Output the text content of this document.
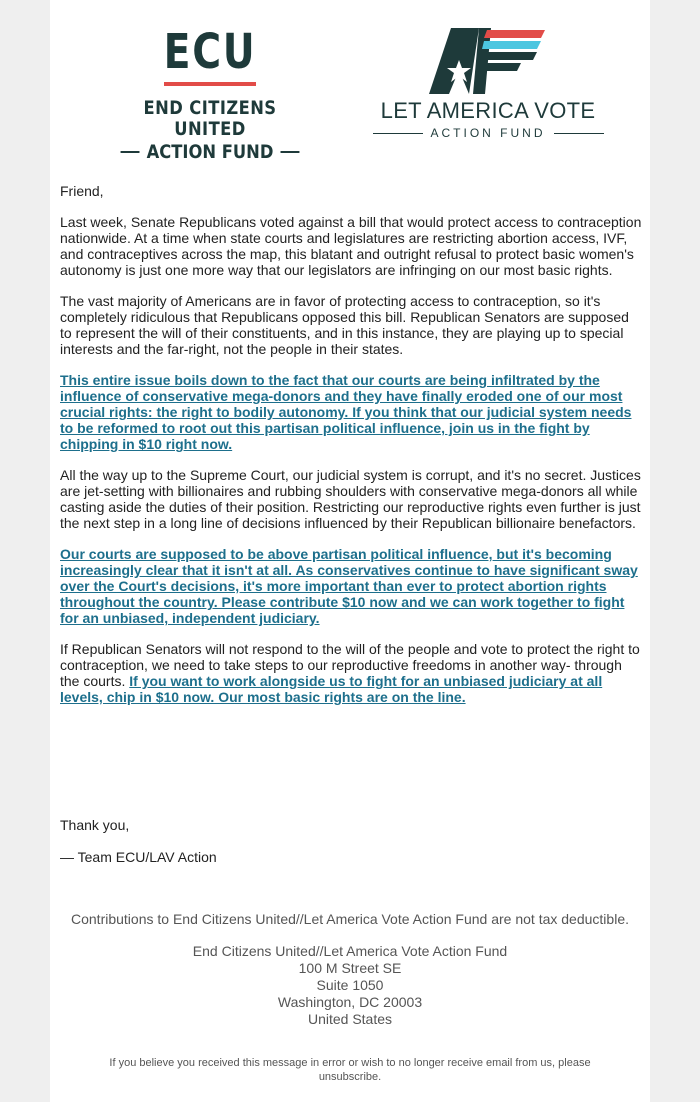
ECU
END CITIZENS UNITED
ACTION FUND
LET AMERICA VOTE
ACTION FUND

Friend,

Last week, Senate Republicans voted against a bill that would protect access to contraception nationwide. At a time when state courts and legislatures are restricting abortion access, IVF, and contraceptives across the map, this blatant and outright refusal to protect basic women's autonomy is just one more way that our legislators are infringing on our most basic rights.

The vast majority of Americans are in favor of protecting access to contraception, so it's completely ridiculous that Republicans opposed this bill. Republican Senators are supposed to represent the will of their constituents, and in this instance, they are playing up to special interests and the far-right, not the people in their states.

This entire issue boils down to the fact that our courts are being infiltrated by the influence of conservative mega-donors and they have finally eroded one of our most crucial rights: the right to bodily autonomy. If you think that our judicial system needs to be reformed to root out this partisan political influence, join us in the fight by chipping in $10 right now.

All the way up to the Supreme Court, our judicial system is corrupt, and it's no secret. Justices are jet-setting with billionaires and rubbing shoulders with conservative mega-donors all while casting aside the duties of their position. Restricting our reproductive rights even further is just the next step in a long line of decisions influenced by their Republican billionaire benefactors.

Our courts are supposed to be above partisan political influence, but it's becoming increasingly clear that it isn't at all. As conservatives continue to have significant sway over the Court's decisions, it's more important than ever to protect abortion rights throughout the country. Please contribute $10 now and we can work together to fight for an unbiased, independent judiciary.

If Republican Senators will not respond to the will of the people and vote to protect the right to contraception, we need to take steps to our reproductive freedoms in another way- through the courts. If you want to work alongside us to fight for an unbiased judiciary at all levels, chip in $10 now. Our most basic rights are on the line.

Thank you,
— Team ECU/LAV Action
Contributions to End Citizens United//Let America Vote Action Fund are not tax deductible.
End Citizens United//Let America Vote Action Fund
100 M Street SE
Suite 1050
Washington, DC 20003
United States
If you believe you received this message in error or wish to no longer receive email from us, please unsubscribe.
